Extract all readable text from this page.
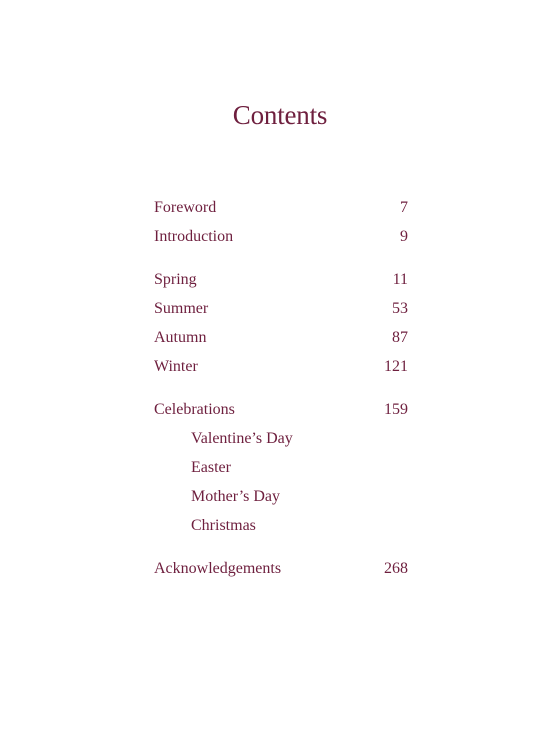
Contents
Foreword	7
Introduction	9
Spring	11
Summer	53
Autumn	87
Winter	121
Celebrations	159
Valentine’s Day
Easter
Mother’s Day
Christmas
Acknowledgements	268
